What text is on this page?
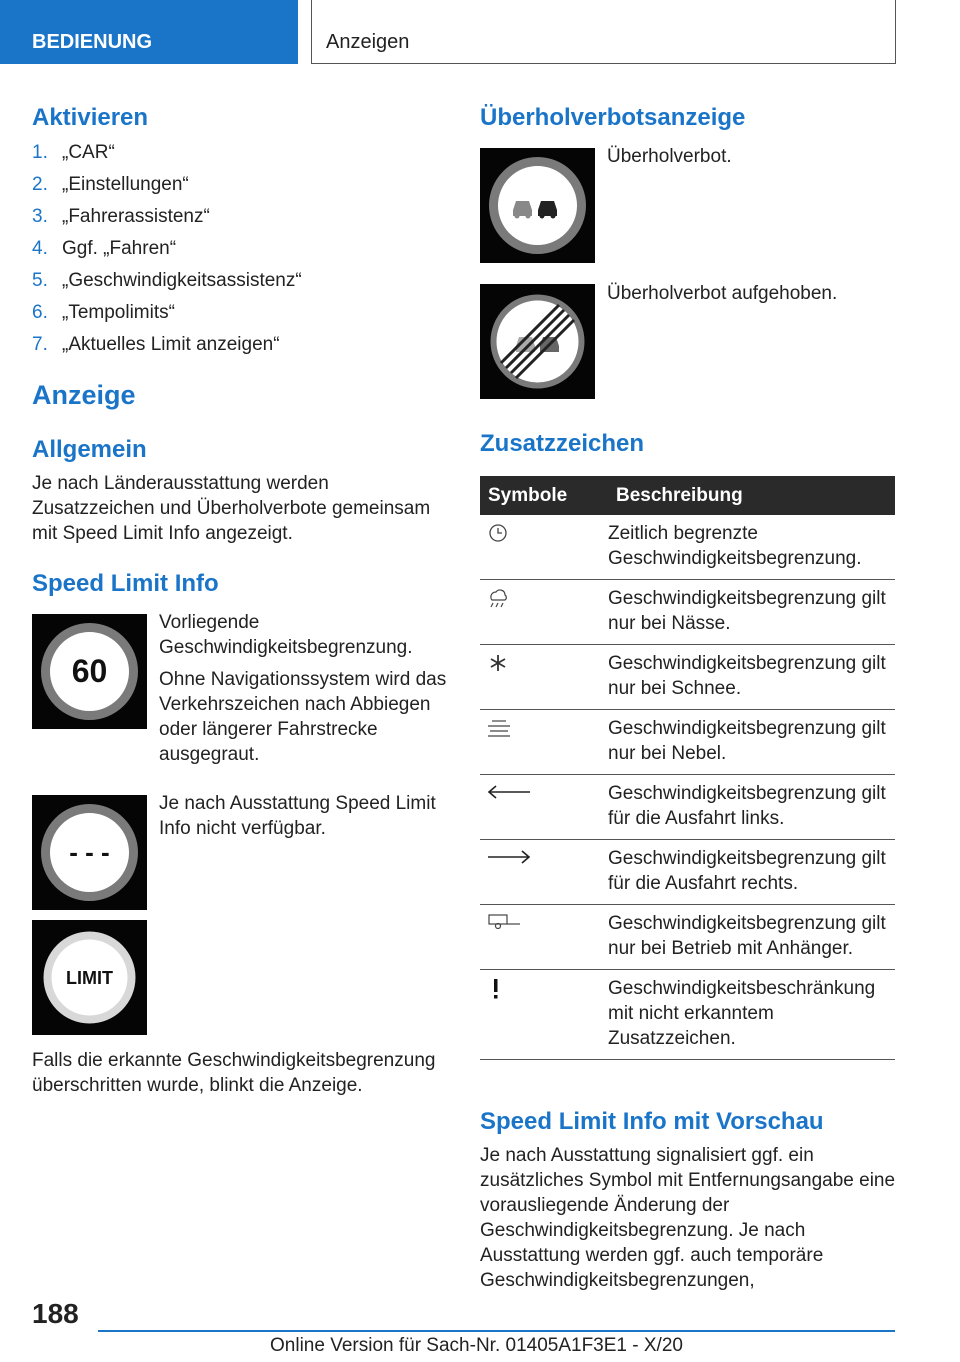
BEDIENUNG	Anzeigen
Aktivieren
1. „CAR“
2. „Einstellungen“
3. „Fahrerassistenz“
4. Ggf. „Fahren“
5. „Geschwindigkeitsassistenz“
6. „Tempolimits“
7. „Aktuelles Limit anzeigen“
Anzeige
Allgemein
Je nach Länderausstattung werden Zusatzzeichen und Überholverbote gemeinsam mit Speed Limit Info angezeigt.
Speed Limit Info
60
Vorliegende Geschwindigkeitsbegrenzung.
Ohne Navigationssystem wird das Verkehrszeichen nach Abbiegen oder längerer Fahrstrecke ausgegraut.
- - -
Je nach Ausstattung Speed Limit Info nicht verfügbar.
LIMIT
Falls die erkannte Geschwindigkeitsbegrenzung überschritten wurde, blinkt die Anzeige.
Überholverbotsanzeige
Überholverbot.
Überholverbot aufgehoben.
Zusatzzeichen
Symbole	Beschreibung
	Zeitlich begrenzte Geschwindigkeitsbegrenzung.
	Geschwindigkeitsbegrenzung gilt nur bei Nässe.
	Geschwindigkeitsbegrenzung gilt nur bei Schnee.
	Geschwindigkeitsbegrenzung gilt nur bei Nebel.
	Geschwindigkeitsbegrenzung gilt für die Ausfahrt links.
	Geschwindigkeitsbegrenzung gilt für die Ausfahrt rechts.
	Geschwindigkeitsbegrenzung gilt nur bei Betrieb mit Anhänger.
	Geschwindigkeitsbeschränkung mit nicht erkanntem Zusatzzeichen.
Speed Limit Info mit Vorschau
Je nach Ausstattung signalisiert ggf. ein zusätzliches Symbol mit Entfernungsangabe eine vorausliegende Änderung der Geschwindigkeitsbegrenzung. Je nach Ausstattung werden ggf. auch temporäre Geschwindigkeitsbegrenzungen,
188
Online Version für Sach-Nr. 01405A1F3E1 - X/20
